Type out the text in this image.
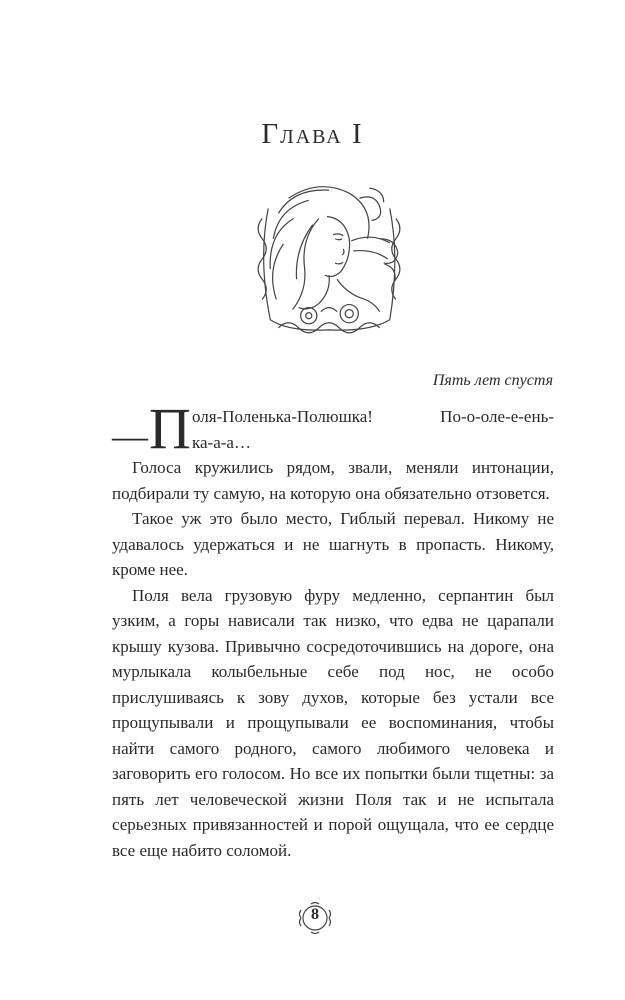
Глава I
Пять лет спустя
— П оля-Поленька-Полюшка! По-о-оле-е-ень-
ка-а-а…

Голоса кружились рядом, звали, меняли интонации, подбирали ту самую, на которую она обязательно отзовется.

Такое уж это было место, Гиблый перевал. Никому не удавалось удержаться и не шагнуть в пропасть. Никому, кроме нее.

Поля вела грузовую фуру медленно, серпантин был узким, а горы нависали так низко, что едва не царапали крышу кузова. Привычно сосредоточившись на дороге, она мурлыкала колыбельные себе под нос, не особо прислушиваясь к зову духов, которые без устали все прощупывали и прощупывали ее воспоминания, чтобы найти самого родного, самого любимого человека и заговорить его голосом. Но все их попытки были тщетны: за пять лет человеческой жизни Поля так и не испытала серьезных привязанностей и порой ощущала, что ее сердце все еще набито соломой.

8
